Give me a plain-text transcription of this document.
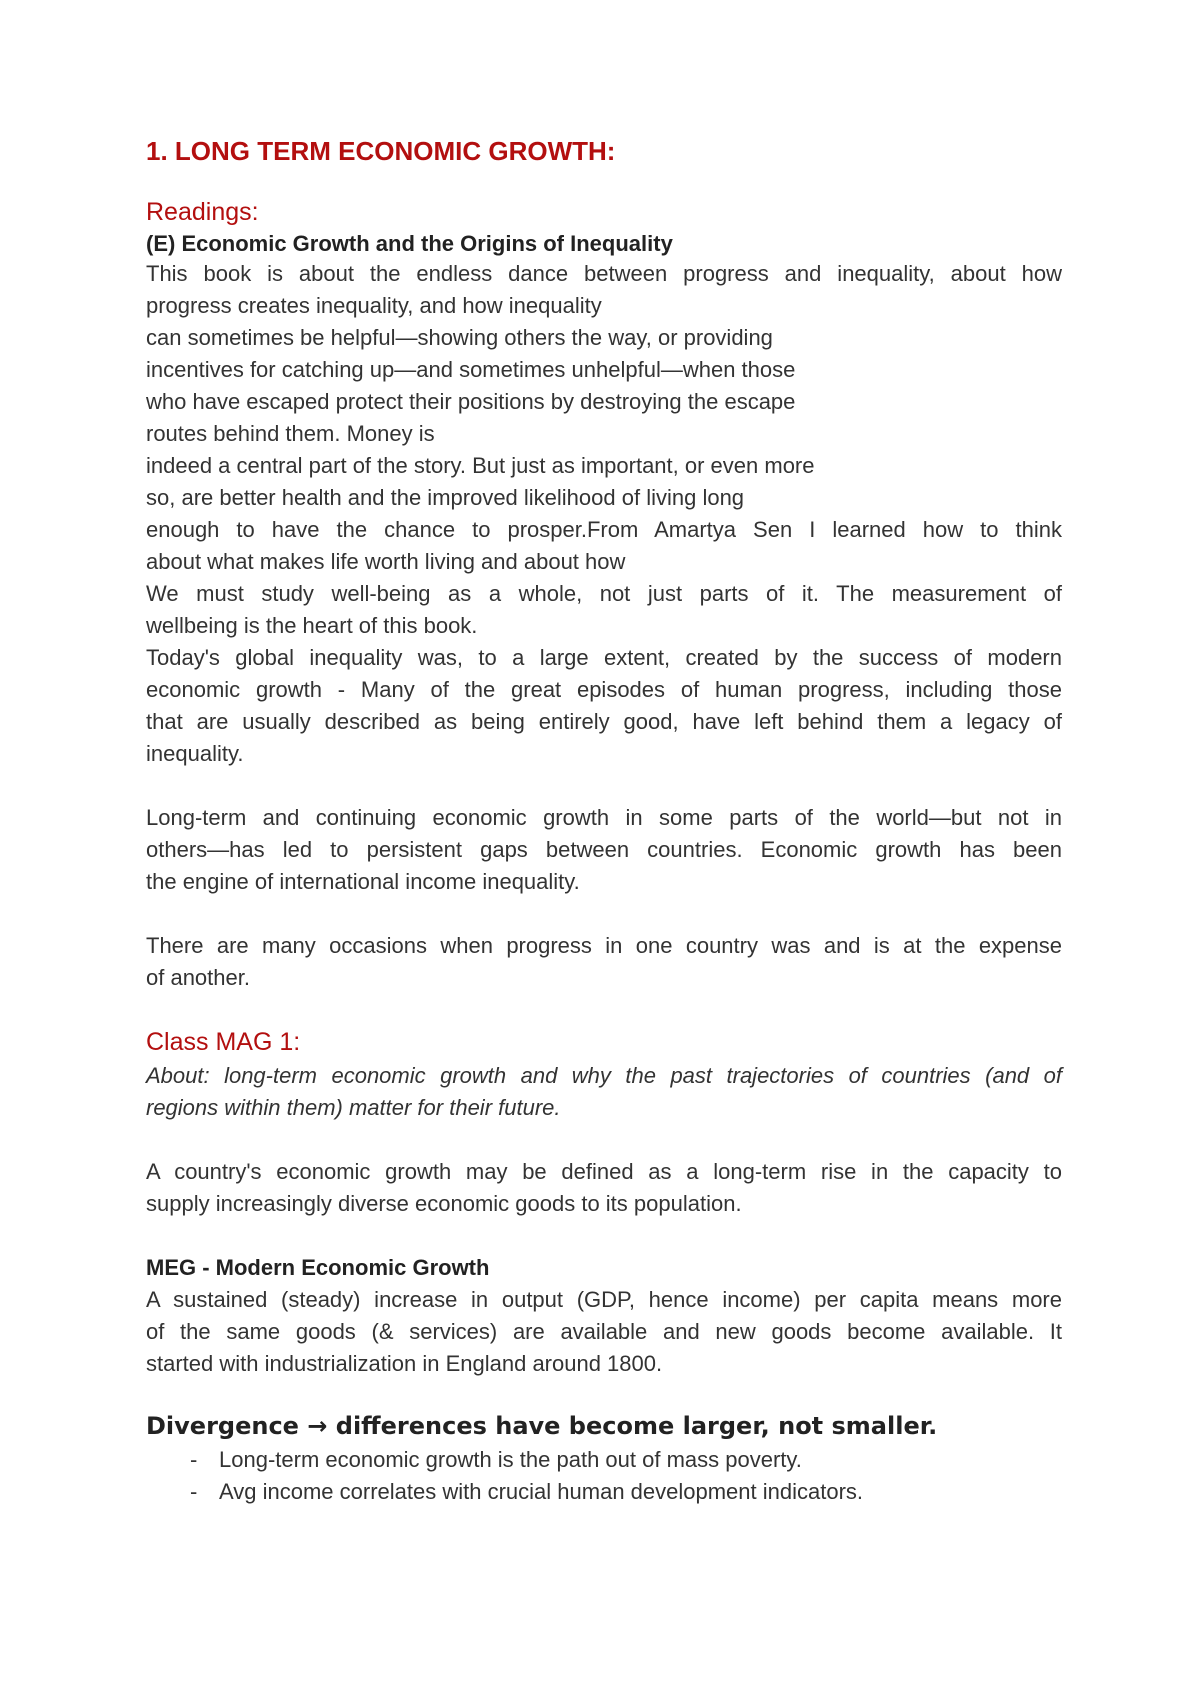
1. LONG TERM ECONOMIC GROWTH:
Readings:
(E) Economic Growth and the Origins of Inequality
This book is about the endless dance between progress and inequality, about how
progress creates inequality, and how inequality
can sometimes be helpful—showing others the way, or providing
incentives for catching up—and sometimes unhelpful—when those
who have escaped protect their positions by destroying the escape
routes behind them. Money is
indeed a central part of the story. But just as important, or even more
so, are better health and the improved likelihood of living long
enough to have the chance to prosper.From Amartya Sen I learned how to think
about what makes life worth living and about how
We must study well-being as a whole, not just parts of it. The measurement of
wellbeing is the heart of this book.
Today's global inequality was, to a large extent, created by the success of modern
economic growth - Many of the great episodes of human progress, including those
that are usually described as being entirely good, have left behind them a legacy of
inequality.
Long-term and continuing economic growth in some parts of the world—but not in
others—has led to persistent gaps between countries. Economic growth has been
the engine of international income inequality.
There are many occasions when progress in one country was and is at the expense
of another.
Class MAG 1:
About: long-term economic growth and why the past trajectories of countries (and of
regions within them) matter for their future.
A country's economic growth may be defined as a long-term rise in the capacity to
supply increasingly diverse economic goods to its population.
MEG - Modern Economic Growth
A sustained (steady) increase in output (GDP, hence income) per capita means more
of the same goods (& services) are available and new goods become available. It
started with industrialization in England around 1800.
Divergence → differences have become larger, not smaller.
- Long-term economic growth is the path out of mass poverty.
- Avg income correlates with crucial human development indicators.
